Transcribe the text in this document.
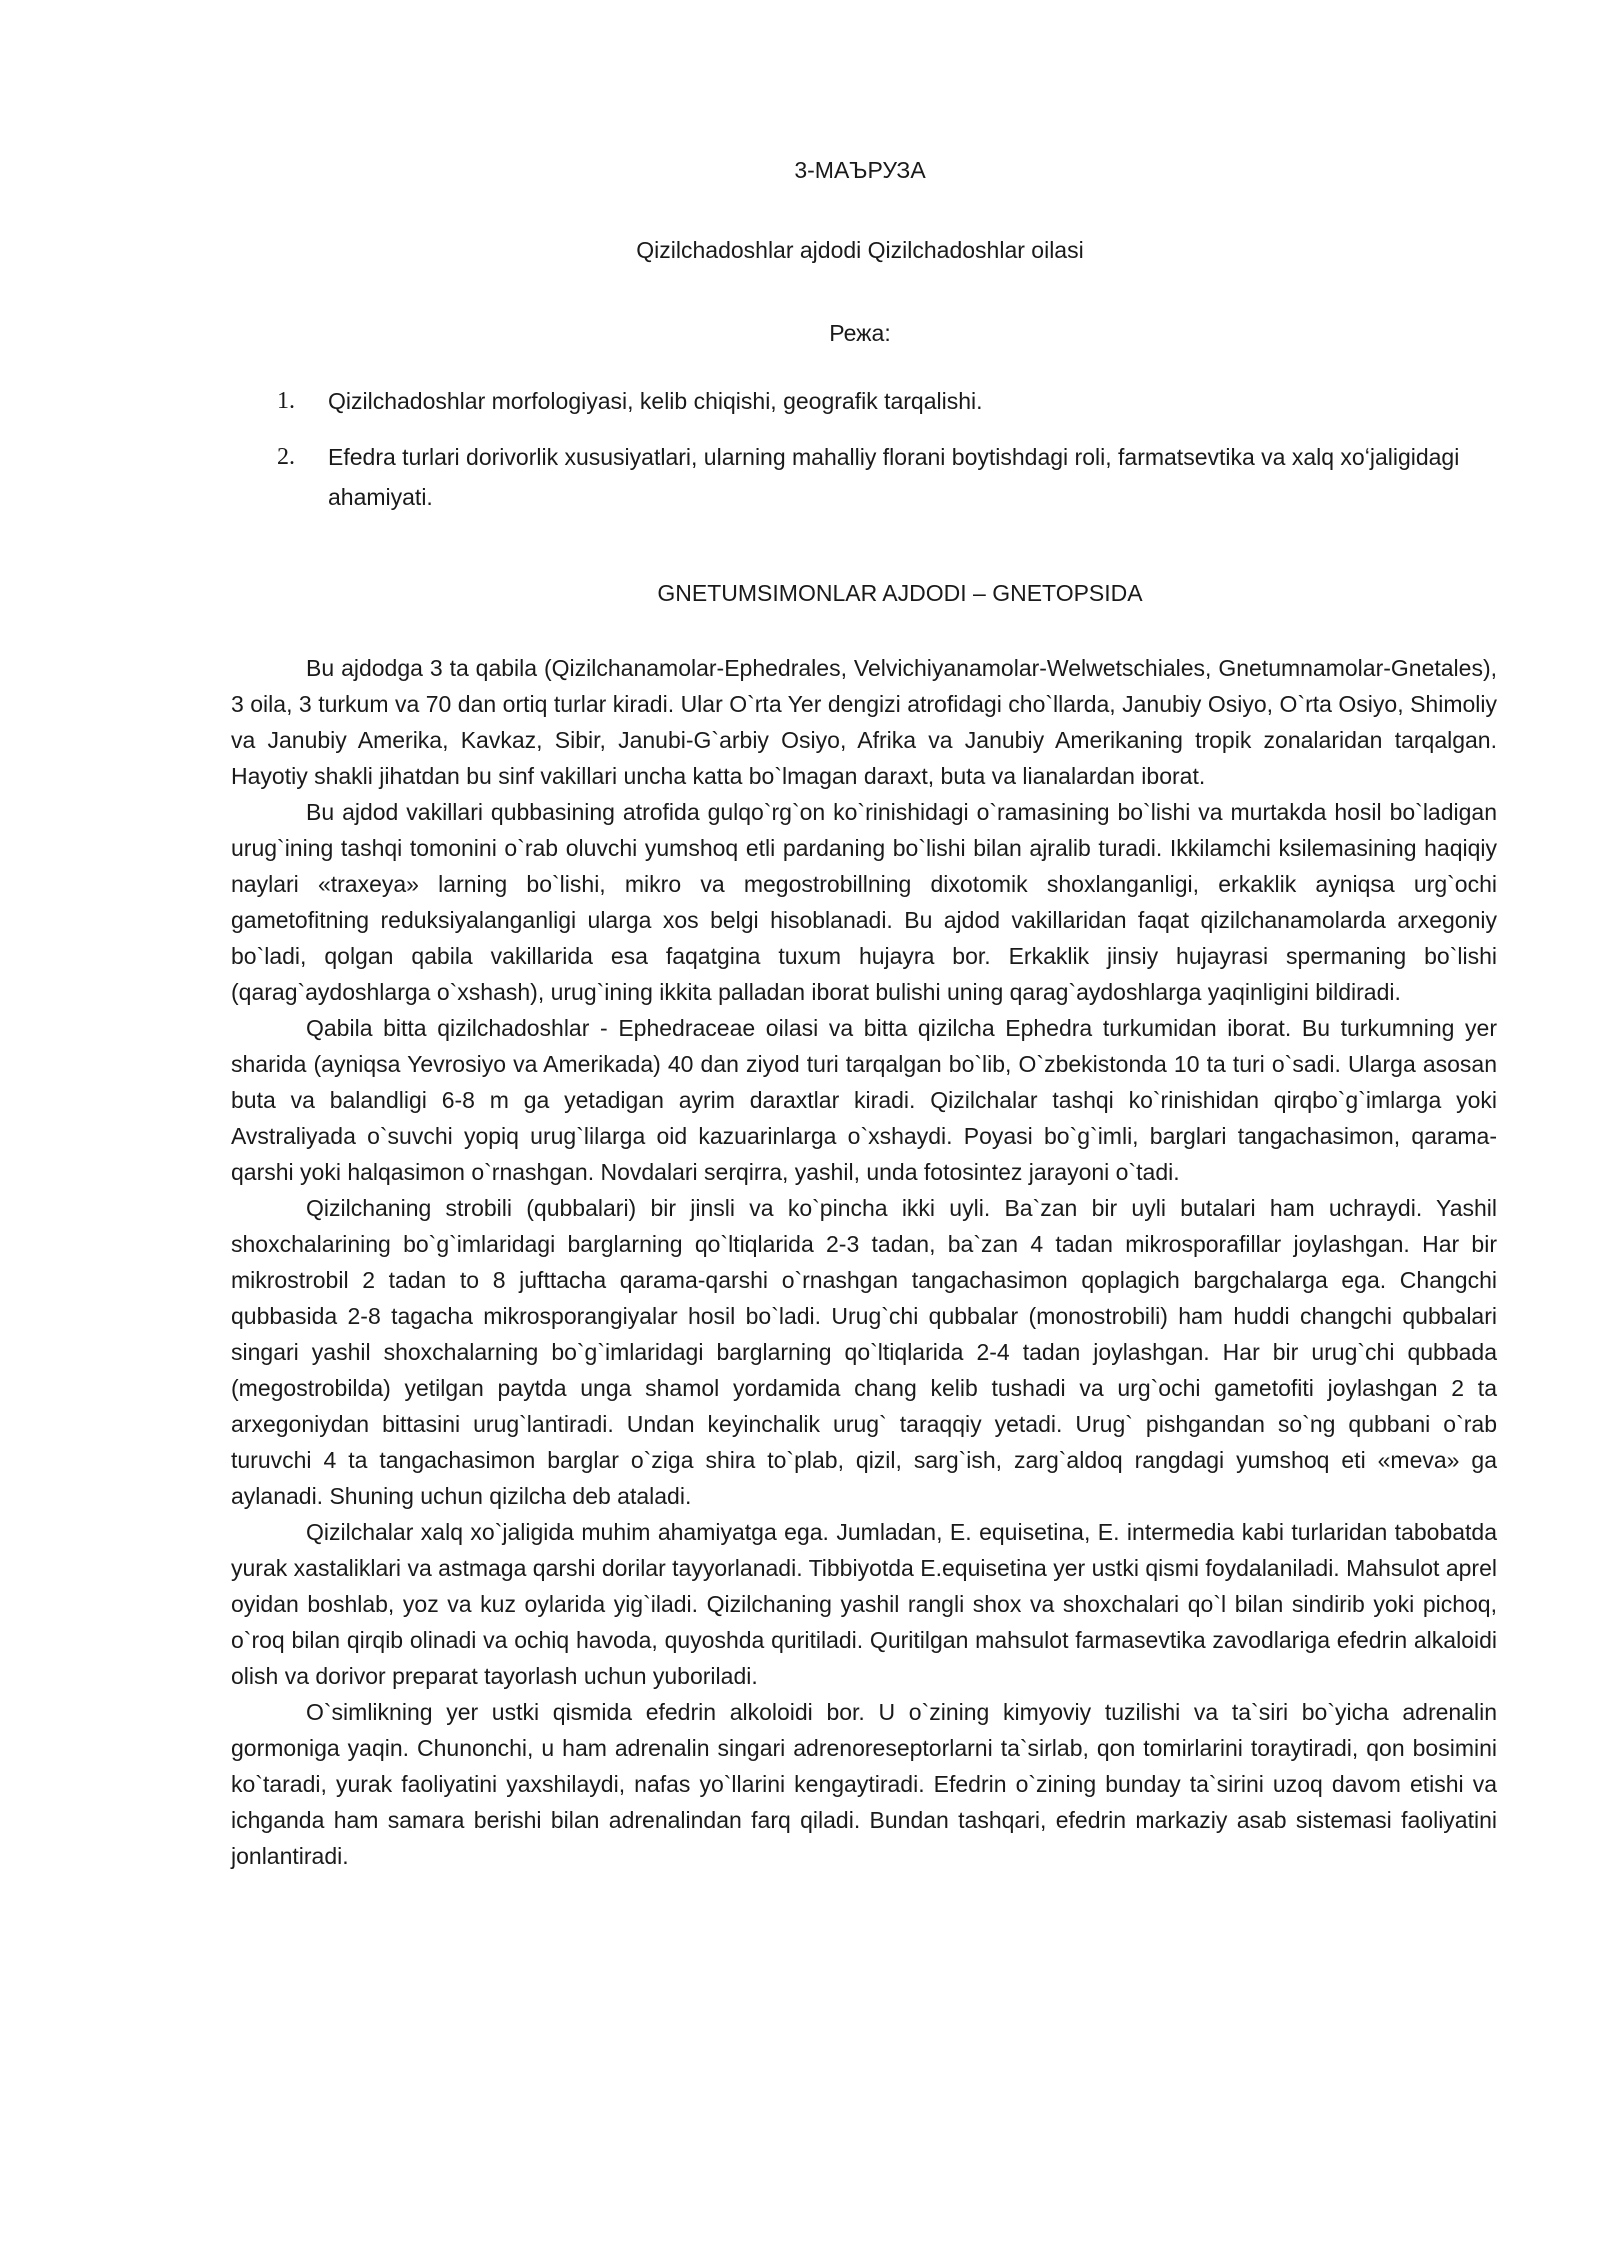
3-МАЪРУЗА
Qizilchadoshlar ajdodi Qizilchadoshlar oilasi
Режа:
1. Qizilchadoshlar morfologiyasi, kelib chiqishi, geografik tarqalishi.
2. Efedra turlari dorivorlik xususiyatlari, ularning mahalliy florani boytishdagi roli, farmatsevtika va xalq xoʻjaligidagi ahamiyati.
GNETUMSIMONLAR AJDODI – GNETOPSIDA

Bu ajdodga 3 ta qabila (Qizilchanamolar-Ephedrales, Velvichiyanamolar-Welwetschiales, Gnetumnamolar-Gnetales), 3 oila, 3 turkum va 70 dan ortiq turlar kiradi. Ular O`rta Yer dengizi atrofidagi cho`llarda, Janubiy Osiyo, O`rta Osiyo, Shimoliy va Janubiy Amerika, Kavkaz, Sibir, Janubi-G`arbiy Osiyo, Afrika va Janubiy Amerikaning tropik zonalaridan tarqalgan. Hayotiy shakli jihatdan bu sinf vakillari uncha katta bo`lmagan daraxt, buta va lianalardan iborat.

Bu ajdod vakillari qubbasining atrofida gulqo`rg`on ko`rinishidagi o`ramasining bo`lishi va murtakda hosil bo`ladigan urug`ining tashqi tomonini o`rab oluvchi yumshoq etli pardaning bo`lishi bilan ajralib turadi. Ikkilamchi ksilemasining haqiqiy naylari «traxeya» larning bo`lishi, mikro va megostrobillning dixotomik shoxlanganligi, erkaklik ayniqsa urg`ochi gametofitning reduksiyalanganligi ularga xos belgi hisoblanadi. Bu ajdod vakillaridan faqat qizilchanamolarda arxegoniy bo`ladi, qolgan qabila vakillarida esa faqatgina tuxum hujayra bor. Erkaklik jinsiy hujayrasi spermaning bo`lishi (qarag`aydoshlarga o`xshash), urug`ining ikkita palladan iborat bulishi uning qarag`aydoshlarga yaqinligini bildiradi.

Qabila bitta qizilchadoshlar - Ephedraceae oilasi va bitta qizilcha Ephedra turkumidan iborat. Bu turkumning yer sharida (ayniqsa Yevrosiyo va Amerikada) 40 dan ziyod turi tarqalgan bo`lib, O`zbekistonda 10 ta turi o`sadi. Ularga asosan buta va balandligi 6-8 m ga yetadigan ayrim daraxtlar kiradi. Qizilchalar tashqi ko`rinishidan qirqbo`g`imlarga yoki Avstraliyada o`suvchi yopiq urug`lilarga oid kazuarinlarga o`xshaydi. Poyasi bo`g`imli, barglari tangachasimon, qarama-qarshi yoki halqasimon o`rnashgan. Novdalari serqirra, yashil, unda fotosintez jarayoni o`tadi.

Qizilchaning strobili (qubbalari) bir jinsli va ko`pincha ikki uyli. Ba`zan bir uyli butalari ham uchraydi. Yashil shoxchalarining bo`g`imlaridagi barglarning qo`ltiqlarida 2-3 tadan, ba`zan 4 tadan mikrosporafillar joylashgan. Har bir mikrostrobil 2 tadan to 8 jufttacha qarama-qarshi o`rnashgan tangachasimon qoplagich bargchalarga ega. Changchi qubbasida 2-8 tagacha mikrosporangiyalar hosil bo`ladi. Urug`chi qubbalar (monostrobili) ham huddi changchi qubbalari singari yashil shoxchalarning bo`g`imlaridagi barglarning qo`ltiqlarida 2-4 tadan joylashgan. Har bir urug`chi qubbada (megostrobilda) yetilgan paytda unga shamol yordamida chang kelib tushadi va urg`ochi gametofiti joylashgan 2 ta arxegoniydan bittasini urug`lantiradi. Undan keyinchalik urug` taraqqiy yetadi. Urug` pishgandan so`ng qubbani o`rab turuvchi 4 ta tangachasimon barglar o`ziga shira to`plab, qizil, sarg`ish, zarg`aldoq rangdagi yumshoq eti «meva» ga aylanadi. Shuning uchun qizilcha deb ataladi.

Qizilchalar xalq xo`jaligida muhim ahamiyatga ega. Jumladan, E. equisetina, E. intermedia kabi turlaridan tabobatda yurak xastaliklari va astmaga qarshi dorilar tayyorlanadi. Tibbiyotda E.equisetina yer ustki qismi foydalaniladi. Mahsulot aprel oyidan boshlab, yoz va kuz oylarida yig`iladi. Qizilchaning yashil rangli shox va shoxchalari qo`l bilan sindirib yoki pichoq, o`roq bilan qirqib olinadi va ochiq havoda, quyoshda quritiladi. Quritilgan mahsulot farmasevtika zavodlariga efedrin alkaloidi olish va dorivor preparat tayorlash uchun yuboriladi.

O`simlikning yer ustki qismida efedrin alkoloidi bor. U o`zining kimyoviy tuzilishi va ta`siri bo`yicha adrenalin gormoniga yaqin. Chunonchi, u ham adrenalin singari adrenoreseptorlarni ta`sirlab, qon tomirlarini toraytiradi, qon bosimini ko`taradi, yurak faoliyatini yaxshilaydi, nafas yo`llarini kengaytiradi. Efedrin o`zining bunday ta`sirini uzoq davom etishi va ichganda ham samara berishi bilan adrenalindan farq qiladi. Bundan tashqari, efedrin markaziy asab sistemasi faoliyatini jonlantiradi.
